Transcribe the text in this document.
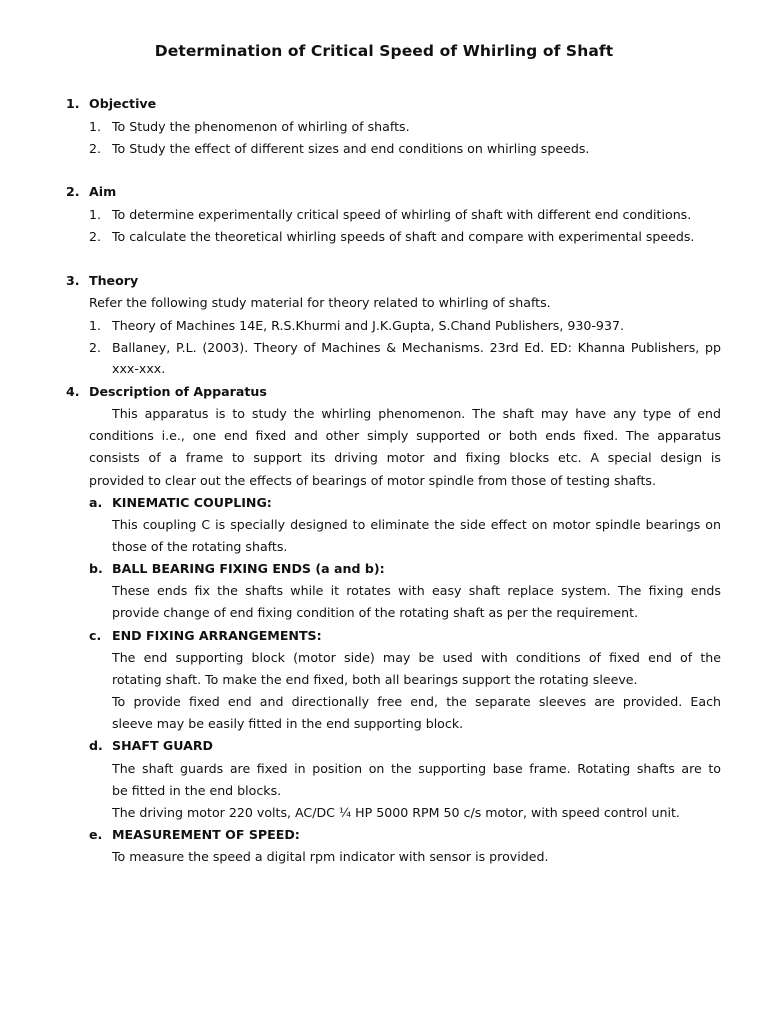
Determination of Critical Speed of Whirling of Shaft
1. Objective
1. To Study the phenomenon of whirling of shafts.
2. To Study the effect of different sizes and end conditions on whirling speeds.
2. Aim
1. To determine experimentally critical speed of whirling of shaft with different end conditions.
2. To calculate the theoretical whirling speeds of shaft and compare with experimental speeds.
3. Theory
Refer the following study material for theory related to whirling of shafts.
1. Theory of Machines 14E, R.S.Khurmi and J.K.Gupta, S.Chand Publishers, 930-937.
2. Ballaney, P.L. (2003). Theory of Machines & Mechanisms. 23rd Ed. ED: Khanna Publishers, pp
xxx-xxx.
4. Description of Apparatus
This apparatus is to study the whirling phenomenon. The shaft may have any type of end
conditions i.e., one end fixed and other simply supported or both ends fixed. The apparatus
consists of a frame to support its driving motor and fixing blocks etc. A special design is
provided to clear out the effects of bearings of motor spindle from those of testing shafts.
a. KINEMATIC COUPLING:
This coupling C is specially designed to eliminate the side effect on motor spindle bearings on
those of the rotating shafts.
b. BALL BEARING FIXING ENDS (a and b):
These ends fix the shafts while it rotates with easy shaft replace system. The fixing ends
provide change of end fixing condition of the rotating shaft as per the requirement.
c. END FIXING ARRANGEMENTS:
The end supporting block (motor side) may be used with conditions of fixed end of the
rotating shaft. To make the end fixed, both all bearings support the rotating sleeve.
To provide fixed end and directionally free end, the separate sleeves are provided. Each
sleeve may be easily fitted in the end supporting block.
d. SHAFT GUARD
The shaft guards are fixed in position on the supporting base frame. Rotating shafts are to
be fitted in the end blocks.
The driving motor 220 volts, AC/DC ¼ HP 5000 RPM 50 c/s motor, with speed control unit.
e. MEASUREMENT OF SPEED:
To measure the speed a digital rpm indicator with sensor is provided.
